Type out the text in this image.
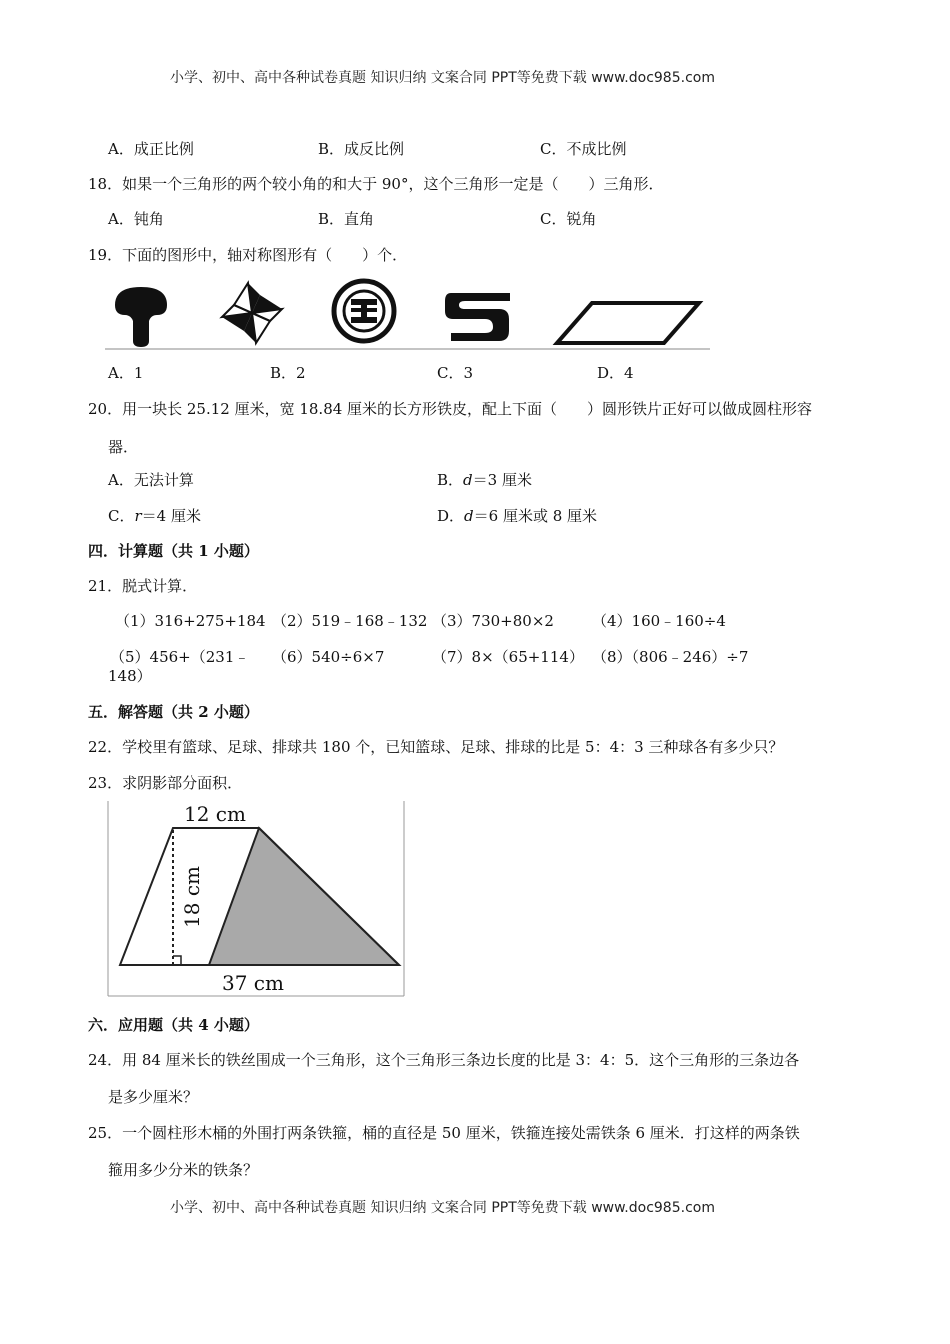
小学、初中、高中各种试卷真题 知识归纳 文案合同 PPT等免费下载 www.doc985.com
A．成正比例	B．成反比例	C．不成比例
18．如果一个三角形的两个较小角的和大于 90°，这个三角形一定是（　　）三角形．
A．钝角	B．直角	C．锐角
19．下面的图形中，轴对称图形有（　　）个．
A．1	B．2	C．3	D．4
20．用一块长 25.12 厘米，宽 18.84 厘米的长方形铁皮，配上下面（　　）圆形铁片正好可以做成圆柱形容
器．
A．无法计算	B．d＝3 厘米
C．r＝4 厘米	D．d＝6 厘米或 8 厘米
四．计算题（共 1 小题）
21．脱式计算．
（1）316+275+184 （2）519﹣168﹣132 （3）730+80×2	（4）160﹣160÷4
（5）456+（231﹣ （6）540÷6×7	（7）8×（65+114） （8）（806﹣246）÷7
148）
五．解答题（共 2 小题）
22．学校里有篮球、足球、排球共 180 个，已知篮球、足球、排球的比是 5：4：3 三种球各有多少只？
23．求阴影部分面积．
12 cm
18 cm
37 cm
六．应用题（共 4 小题）
24．用 84 厘米长的铁丝围成一个三角形，这个三角形三条边长度的比是 3：4：5．这个三角形的三条边各
是多少厘米？
25．一个圆柱形木桶的外围打两条铁箍，桶的直径是 50 厘米，铁箍连接处需铁条 6 厘米．打这样的两条铁
箍用多少分米的铁条？
小学、初中、高中各种试卷真题 知识归纳 文案合同 PPT等免费下载 www.doc985.com
